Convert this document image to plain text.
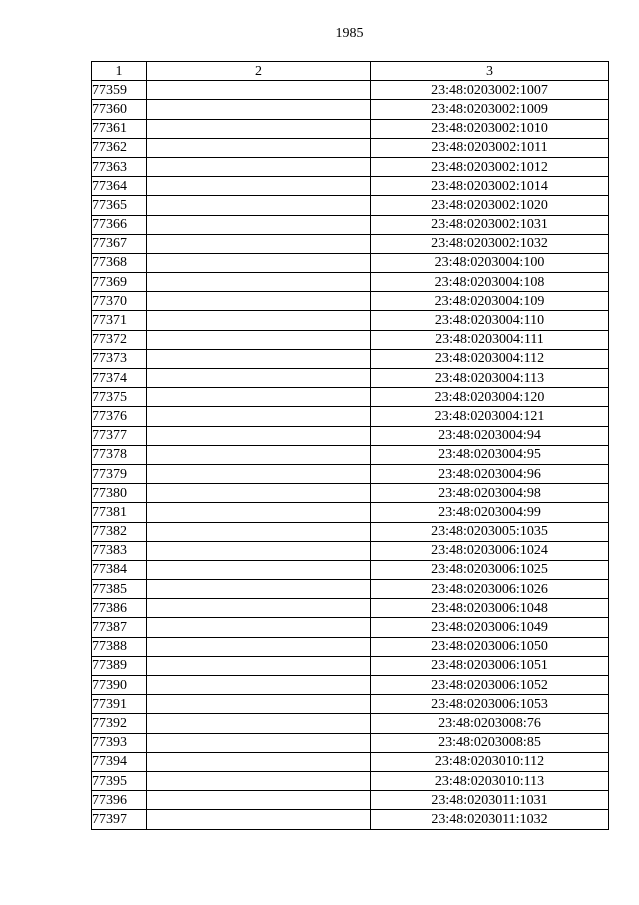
1985
1	2	3
77359		23:48:0203002:1007
77360		23:48:0203002:1009
77361		23:48:0203002:1010
77362		23:48:0203002:1011
77363		23:48:0203002:1012
77364		23:48:0203002:1014
77365		23:48:0203002:1020
77366		23:48:0203002:1031
77367		23:48:0203002:1032
77368		23:48:0203004:100
77369		23:48:0203004:108
77370		23:48:0203004:109
77371		23:48:0203004:110
77372		23:48:0203004:111
77373		23:48:0203004:112
77374		23:48:0203004:113
77375		23:48:0203004:120
77376		23:48:0203004:121
77377		23:48:0203004:94
77378		23:48:0203004:95
77379		23:48:0203004:96
77380		23:48:0203004:98
77381		23:48:0203004:99
77382		23:48:0203005:1035
77383		23:48:0203006:1024
77384		23:48:0203006:1025
77385		23:48:0203006:1026
77386		23:48:0203006:1048
77387		23:48:0203006:1049
77388		23:48:0203006:1050
77389		23:48:0203006:1051
77390		23:48:0203006:1052
77391		23:48:0203006:1053
77392		23:48:0203008:76
77393		23:48:0203008:85
77394		23:48:0203010:112
77395		23:48:0203010:113
77396		23:48:0203011:1031
77397		23:48:0203011:1032
